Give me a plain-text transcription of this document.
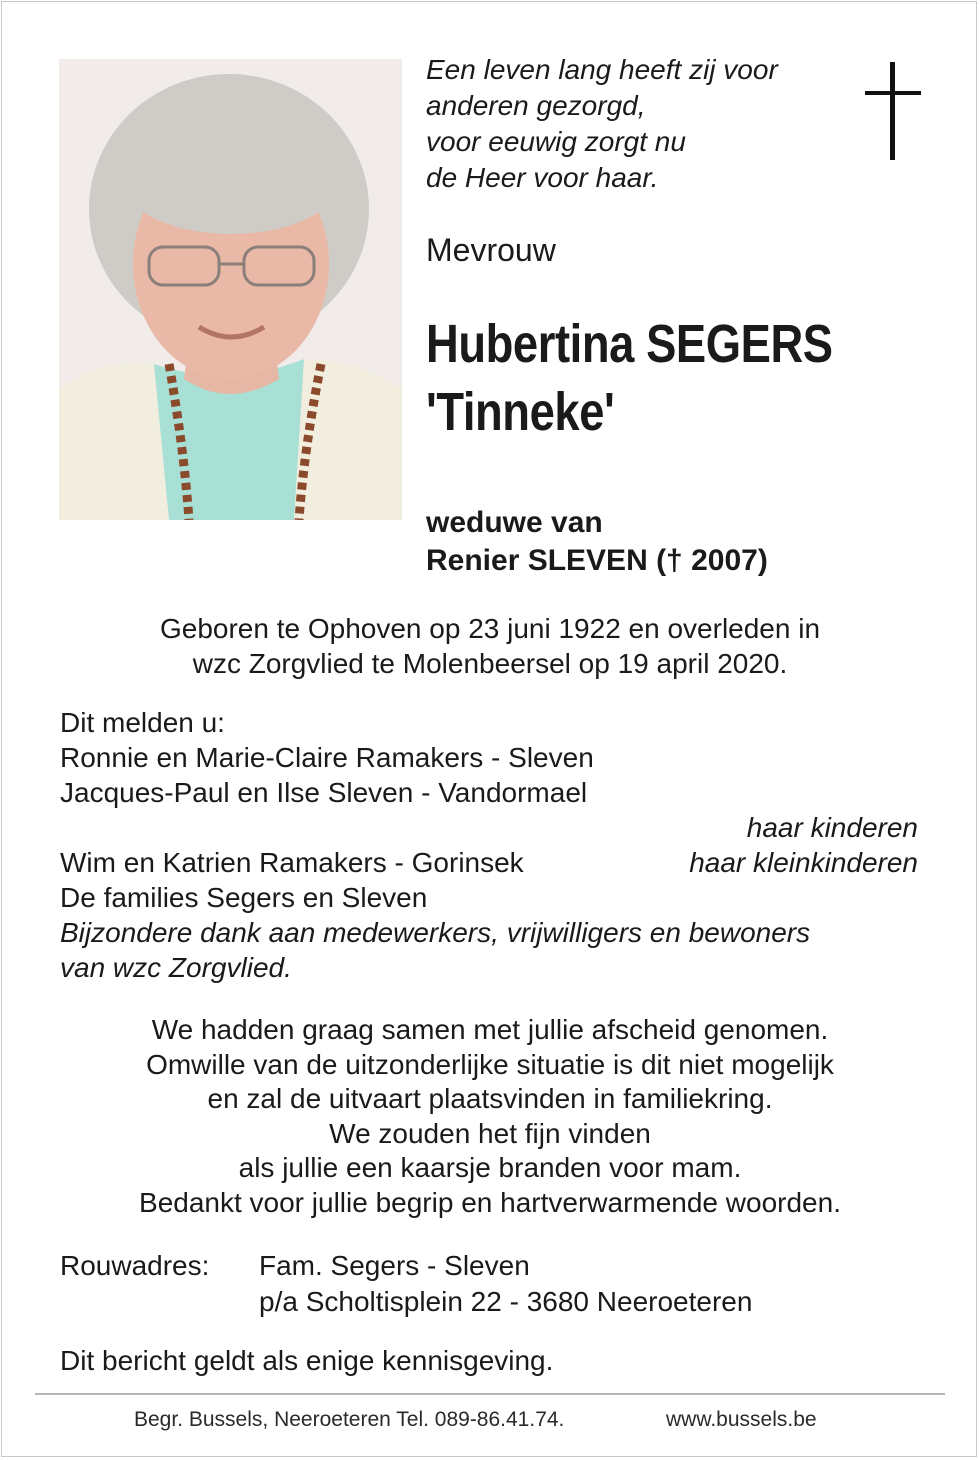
Een leven lang heeft zij voor
anderen gezorgd,
voor eeuwig zorgt nu
de Heer voor haar.
Mevrouw
Hubertina SEGERS
'Tinneke'
weduwe van
Renier SLEVEN († 2007)
Geboren te Ophoven op 23 juni 1922 en overleden in
wzc Zorgvlied te Molenbeersel op 19 april 2020.
Dit melden u:
Ronnie en Marie-Claire Ramakers - Sleven
Jacques-Paul en Ilse Sleven - Vandormael
haar kinderen
Wim en Katrien Ramakers - Gorinsek	haar kleinkinderen
De families Segers en Sleven
Bijzondere dank aan medewerkers, vrijwilligers en bewoners
van wzc Zorgvlied.
We hadden graag samen met jullie afscheid genomen.
Omwille van de uitzonderlijke situatie is dit niet mogelijk
en zal de uitvaart plaatsvinden in familiekring.
We zouden het fijn vinden
als jullie een kaarsje branden voor mam.
Bedankt voor jullie begrip en hartverwarmende woorden.
Rouwadres: Fam. Segers - Sleven
p/a Scholtisplein 22 - 3680 Neeroeteren
Dit bericht geldt als enige kennisgeving.
Begr. Bussels, Neeroeteren Tel. 089-86.41.74.	www.bussels.be
